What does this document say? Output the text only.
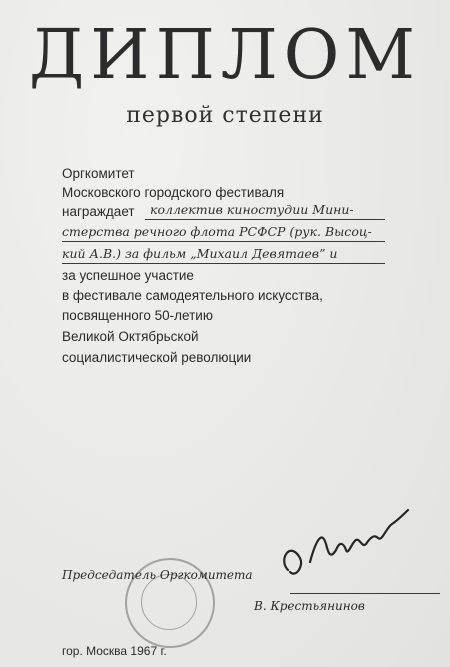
ДИПЛОМ
первой степени
Оргкомитет
Московского городского фестиваля
награждает коллектив киностудии Мини-
стерства речного флота РСФСР (рук. Высоц-
кий А.В.) за фильм „Михаил Девятаев” и
за успешное участие
в фестивале самодеятельного искусства,
посвященного 50-летию
Великой Октябрьской
социалистической революции
Председатель Оргкомитета
В. Крестьянинов
гор. Москва 1967 г.
